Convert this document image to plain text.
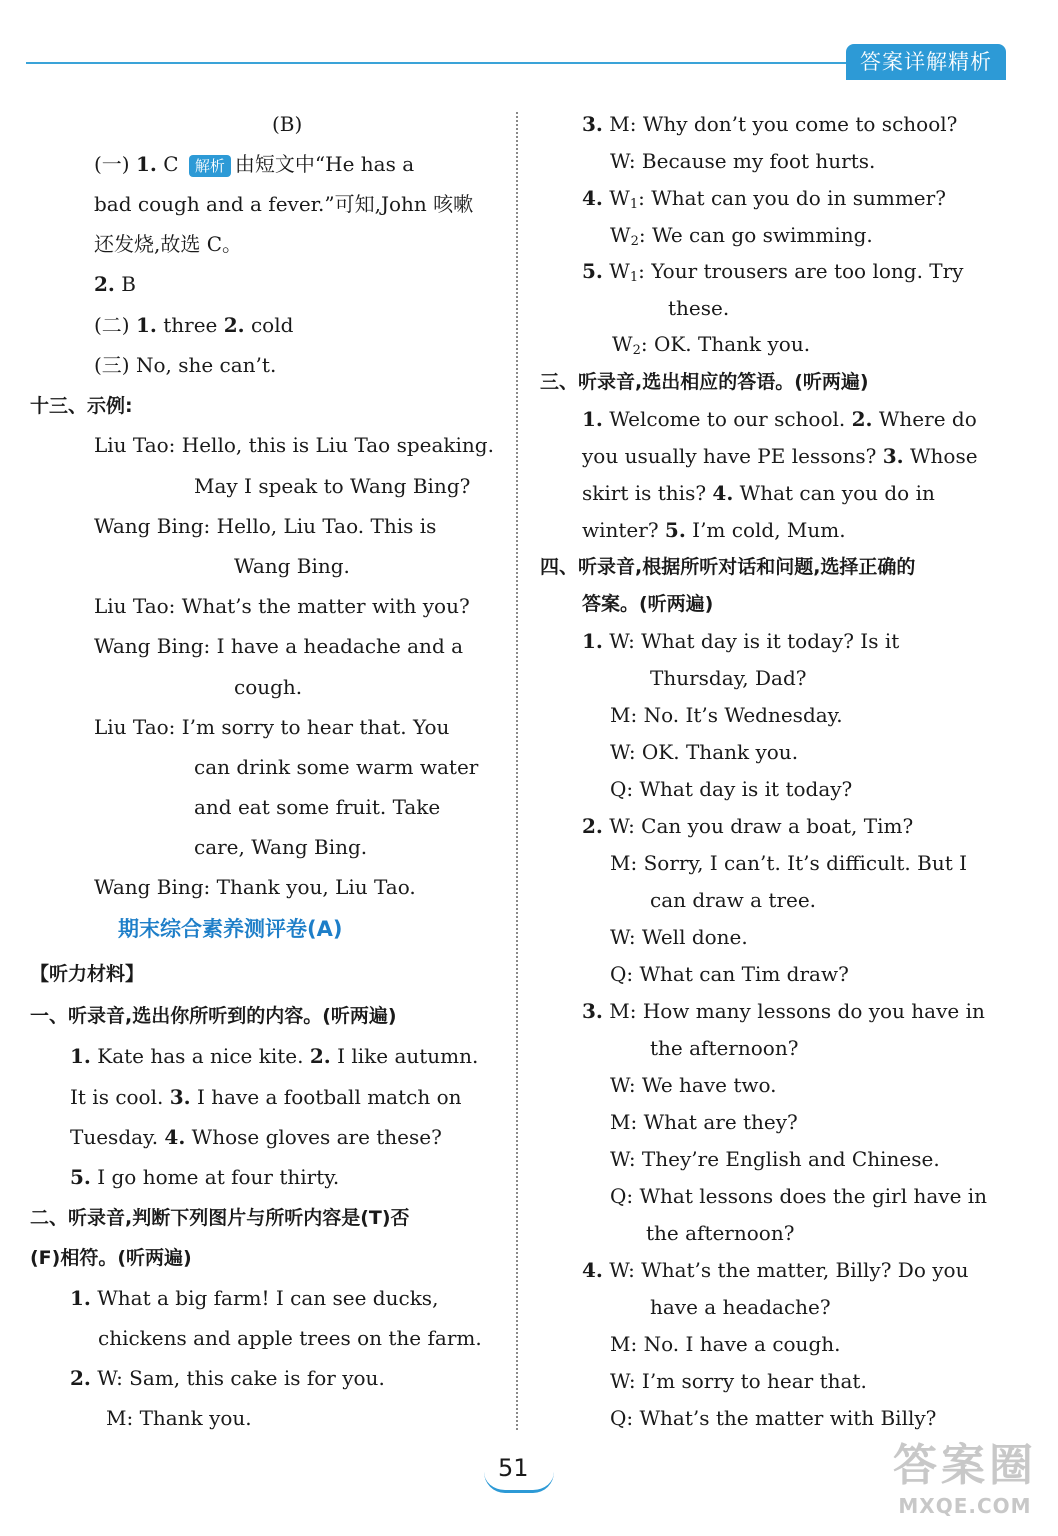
答案详解精析
(B)
(一) 1. C 解析 由短文中“He has a
bad cough and a fever.”可知,John 咳嗽
还发烧,故选 C。
2. B
(二) 1. three 2. cold
(三) No, she can’t.
十三、示例:
Liu Tao: Hello, this is Liu Tao speaking.
May I speak to Wang Bing?
Wang Bing: Hello, Liu Tao. This is
Wang Bing.
Liu Tao: What’s the matter with you?
Wang Bing: I have a headache and a
cough.
Liu Tao: I’m sorry to hear that. You
can drink some warm water
and eat some fruit. Take
care, Wang Bing.
Wang Bing: Thank you, Liu Tao.
期末综合素养测评卷(A)
【听力材料】
一、听录音,选出你所听到的内容。(听两遍)
1. Kate has a nice kite. 2. I like autumn.
It is cool. 3. I have a football match on
Tuesday. 4. Whose gloves are these?
5. I go home at four thirty.
二、听录音,判断下列图片与所听内容是(T)否
(F)相符。(听两遍)
1. What a big farm! I can see ducks,
chickens and apple trees on the farm.
2. W: Sam, this cake is for you.
M: Thank you.
3. M: Why don’t you come to school?
W: Because my foot hurts.
4. $W_1$: What can you do in summer?
$W_2$: We can go swimming.
5. $W_1$: Your trousers are too long. Try
these.
$W_2$: OK. Thank you.
三、听录音,选出相应的答语。(听两遍)
1. Welcome to our school. 2. Where do
you usually have PE lessons? 3. Whose
skirt is this? 4. What can you do in
winter? 5. I’m cold, Mum.
四、听录音,根据所听对话和问题,选择正确的
答案。(听两遍)
1. W: What day is it today? Is it
Thursday, Dad?
M: No. It’s Wednesday.
W: OK. Thank you.
Q: What day is it today?
2. W: Can you draw a boat, Tim?
M: Sorry, I can’t. It’s difficult. But I
can draw a tree.
W: Well done.
Q: What can Tim draw?
3. M: How many lessons do you have in
the afternoon?
W: We have two.
M: What are they?
W: They’re English and Chinese.
Q: What lessons does the girl have in
the afternoon?
4. W: What’s the matter, Billy? Do you
have a headache?
M: No. I have a cough.
W: I’m sorry to hear that.
Q: What’s the matter with Billy?
51	答案圈
MXQE.COM
